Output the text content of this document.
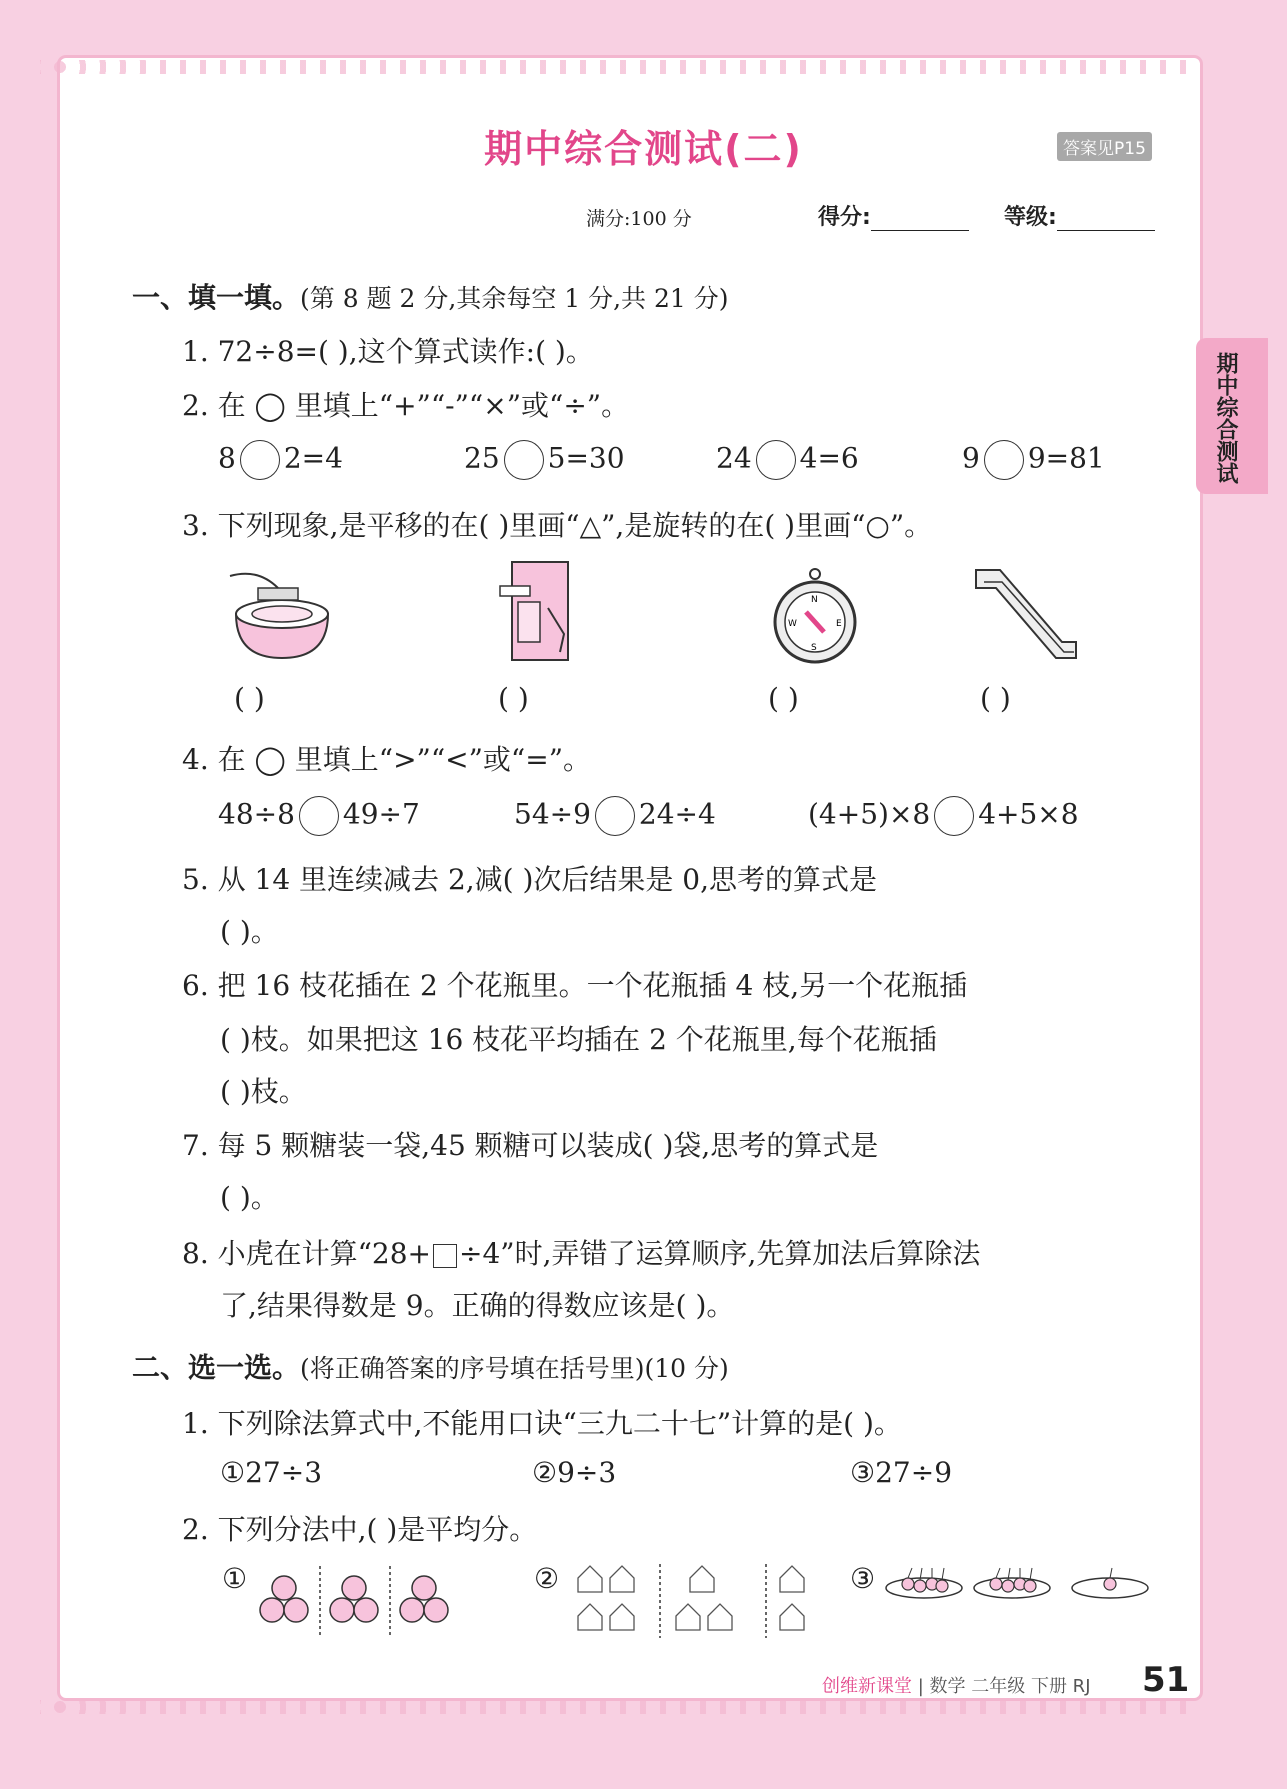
期中综合测试
期中综合测试(二)	答案见P15
满分:100 分	得分:	等级:
一、填一填。(第 8 题 2 分,其余每空 1 分,共 21 分)
1. 72÷8=( ),这个算式读作:( )。
2. 在 ◯ 里填上“+”“-”“×”或“÷”。
8 2=4	25 5=30	24 4=6	9 9=81
3. 下列现象,是平移的在( )里画“△”,是旋转的在( )里画“○”。
N
S
W	E
( )	( )	( )	( )
4. 在 ◯ 里填上“>”“<”或“=”。
48÷8 49÷7	54÷9 24÷4	(4+5)×8 4+5×8
5. 从 14 里连续减去 2,减( )次后结果是 0,思考的算式是
( )。
6. 把 16 枝花插在 2 个花瓶里。一个花瓶插 4 枝,另一个花瓶插
( )枝。如果把这 16 枝花平均插在 2 个花瓶里,每个花瓶插
( )枝。
7. 每 5 颗糖装一袋,45 颗糖可以装成( )袋,思考的算式是
( )。
8. 小虎在计算“28+ ÷4”时,弄错了运算顺序,先算加法后算除法
了,结果得数是 9。正确的得数应该是( )。
二、选一选。(将正确答案的序号填在括号里)(10 分)
1. 下列除法算式中,不能用口诀“三九二十七”计算的是( )。
①27÷3	②9÷3	③27÷9
2. 下列分法中,( )是平均分。
①	②	③
创维新课堂 | 数学 二年级 下册 RJ 51
